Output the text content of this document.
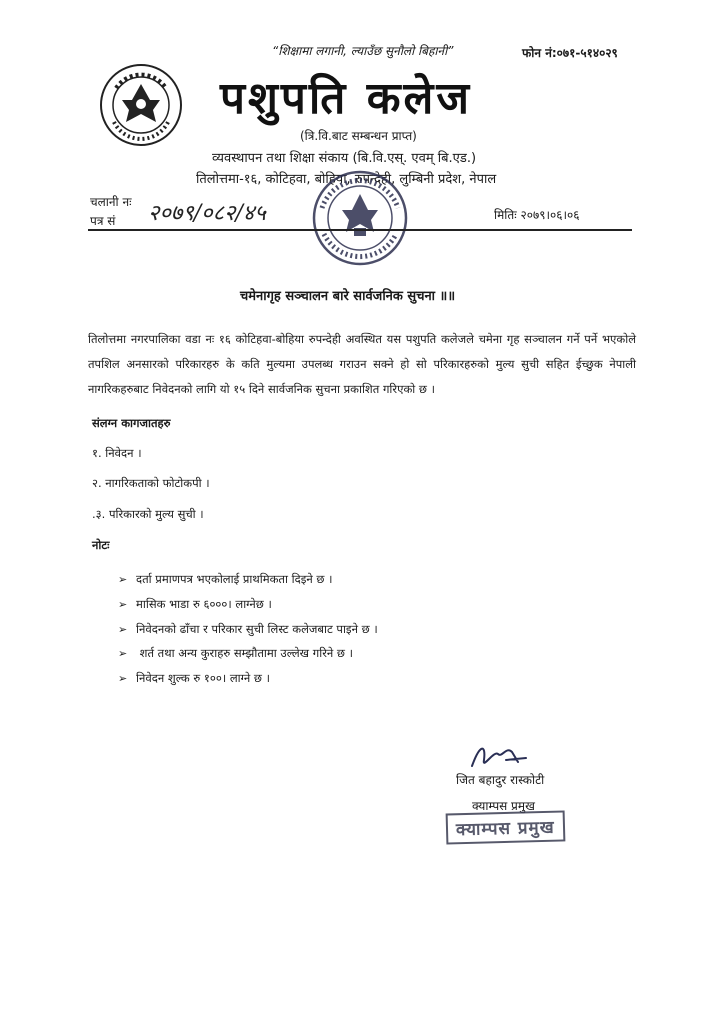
“शिक्षामा लगानी, ल्याउँछ सुनौलो बिहानी”	फोन नं:०७१-५१४०२९
पशुपति कलेज
(त्रि.वि.बाट सम्बन्धन प्राप्त)
व्यवस्थापन तथा शिक्षा संकाय (बि.वि.एस्. एवम् बि.एड.)
तिलोत्तमा-१६, कोटिहवा, बोहिया, रुपन्देही, लुम्बिनी प्रदेश, नेपाल
चलानी नः
पत्र सं २०७९/०८२/४५	मितिः २०७९।०६।०६
चमेनागृह सञ्चालन बारे सार्वजनिक सुचना ॥॥
तिलोत्तमा नगरपालिका वडा नः १६ कोटिहवा-बोहिया रुपन्देही अवस्थित यस पशुपति कलेजले चमेना गृह सञ्चालन गर्ने पर्ने भएकोले तपशिल अनसारको परिकारहरु के कति मुल्यमा उपलब्ध गराउन सक्ने हो सो परिकारहरुको मुल्य सुची सहित ईच्छुक नेपाली नागरिकहरुबाट निवेदनको लागि यो १५ दिने सार्वजनिक सुचना प्रकाशित गरिएको छ ।
संलग्न कागजातहरु
१. निवेदन ।
२. नागरिकताको फोटोकपी ।
.३. परिकारको मुल्य सुची ।
नोटः
➢ दर्ता प्रमाणपत्र भएकोलाई प्राथमिकता दिइने छ ।
➢ मासिक भाडा रु ६०००। लाग्नेछ ।
➢ निवेदनको ढाँचा र परिकार सुची लिस्ट कलेजबाट पाइने छ ।
➢ शर्त तथा अन्य कुराहरु सम्झौतामा उल्लेख गरिने छ ।
➢ निवेदन शुल्क रु १००। लाग्ने छ ।
जित बहादुर रास्कोटी
क्याम्पस प्रमुख
क्याम्पस प्रमुख
